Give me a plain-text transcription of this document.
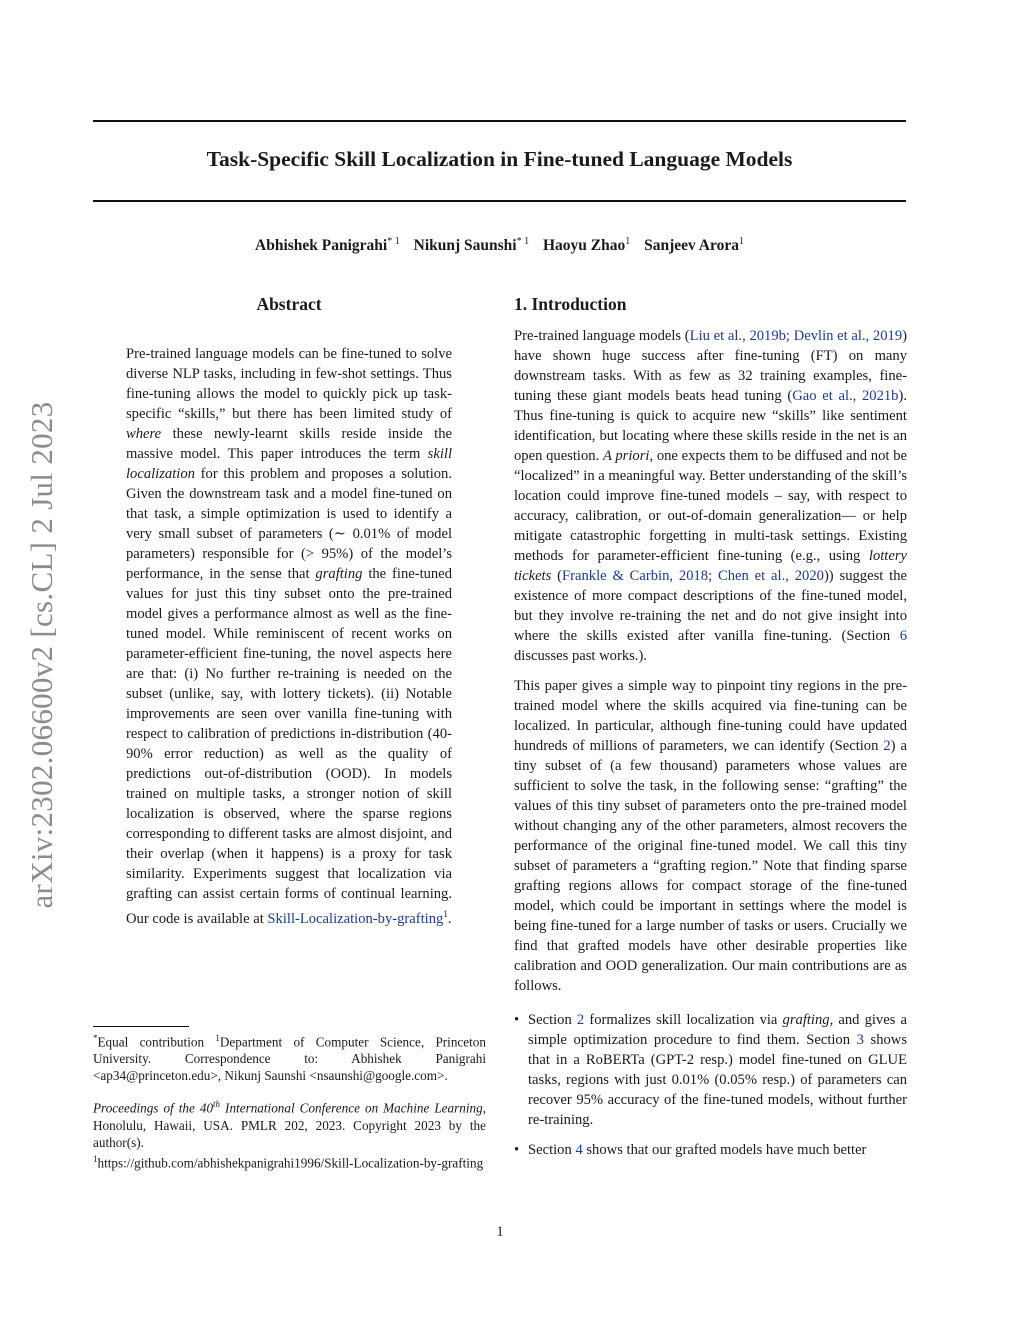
Task-Specific Skill Localization in Fine-tuned Language Models
Abhishek Panigrahi$^{* 1}$ Nikunj Saunshi$^{* 1}$ Haoyu Zhao$^1$ Sanjeev Arora$^1$
arXiv:2302.06600v2 [cs.CL] 2 Jul 2023
Abstract
Pre-trained language models can be fine-tuned to solve diverse NLP tasks, including in few-shot settings. Thus fine-tuning allows the model to quickly pick up task-specific “skills,” but there has been limited study of where these newly-learnt skills reside inside the massive model. This paper introduces the term skill localization for this problem and proposes a solution. Given the downstream task and a model fine-tuned on that task, a simple optimization is used to identify a very small subset of parameters (∼ 0.01% of model parameters) responsible for (> 95%) of the model’s performance, in the sense that grafting the fine-tuned values for just this tiny subset onto the pre-trained model gives a performance almost as well as the fine-tuned model. While reminiscent of recent works on parameter-efficient fine-tuning, the novel aspects here are that: (i) No further re-training is needed on the subset (unlike, say, with lottery tickets). (ii) Notable improvements are seen over vanilla fine-tuning with respect to calibration of predictions in-distribution (40-90% error reduction) as well as the quality of predictions out-of-distribution (OOD). In models trained on multiple tasks, a stronger notion of skill localization is observed, where the sparse regions corresponding to different tasks are almost disjoint, and their overlap (when it happens) is a proxy for task similarity. Experiments suggest that localization via grafting can assist certain forms of continual learning. Our code is available at Skill-Localization-by-grafting$^1$.
1. Introduction

Pre-trained language models (Liu et al., 2019b; Devlin et al., 2019) have shown huge success after fine-tuning (FT) on many downstream tasks. With as few as 32 training examples, fine-tuning these giant models beats head tuning (Gao et al., 2021b). Thus fine-tuning is quick to acquire new “skills” like sentiment identification, but locating where these skills reside in the net is an open question. A priori, one expects them to be diffused and not be “localized” in a meaningful way. Better understanding of the skill’s location could improve fine-tuned models – say, with respect to accuracy, calibration, or out-of-domain generalization— or help mitigate catastrophic forgetting in multi-task settings. Existing methods for parameter-efficient fine-tuning (e.g., using lottery tickets (Frankle & Carbin, 2018; Chen et al., 2020)) suggest the existence of more compact descriptions of the fine-tuned model, but they involve re-training the net and do not give insight into where the skills existed after vanilla fine-tuning. (Section 6 discusses past works.).

This paper gives a simple way to pinpoint tiny regions in the pre-trained model where the skills acquired via fine-tuning can be localized. In particular, although fine-tuning could have updated hundreds of millions of parameters, we can identify (Section 2) a tiny subset of (a few thousand) parameters whose values are sufficient to solve the task, in the following sense: “grafting” the values of this tiny subset of parameters onto the pre-trained model without changing any of the other parameters, almost recovers the performance of the original fine-tuned model. We call this tiny subset of parameters a “grafting region.” Note that finding sparse grafting regions allows for compact storage of the fine-tuned model, which could be important in settings where the model is being fine-tuned for a large number of tasks or users. Crucially we find that grafted models have other desirable properties like calibration and OOD generalization. Our main contributions are as follows.

• Section 2 formalizes skill localization via grafting, and gives a simple optimization procedure to find them. Section 3 shows that in a RoBERTa (GPT-2 resp.) model fine-tuned on GLUE tasks, regions with just 0.01% (0.05% resp.) of parameters can recover 95% accuracy of the fine-tuned models, without further re-training.
• Section 4 shows that our grafted models have much better

*Equal contribution $^1$Department of Computer Science, Princeton University. Correspondence to: Abhishek Panigrahi <ap34@princeton.edu>, Nikunj Saunshi <nsaunshi@google.com>.

Proceedings of the 40th International Conference on Machine Learning, Honolulu, Hawaii, USA. PMLR 202, 2023. Copyright 2023 by the author(s).

$^1$https://github.com/abhishekpanigrahi1996/Skill-Localization-by-grafting

1
